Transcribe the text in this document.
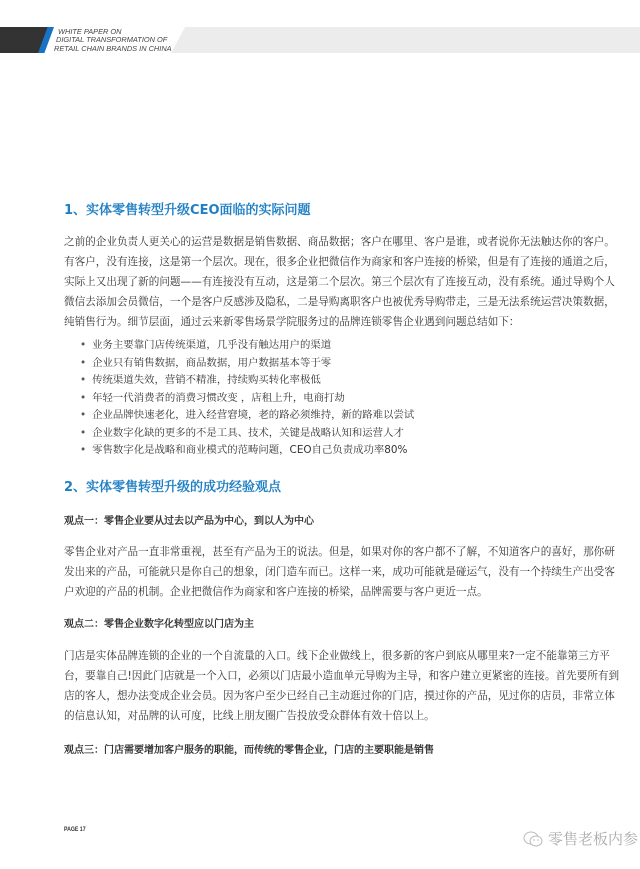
WHITE PAPER ON
DIGITAL TRANSFORMATION OF
RETAIL CHAIN BRANDS IN CHINA
1、实体零售转型升级CEO面临的实际问题
之前的企业负责人更关心的运营是数据是销售数据、商品数据；客户在哪里、客户是谁，或者说你无法触达你的客户。
有客户，没有连接，这是第一个层次。现在，很多企业把微信作为商家和客户连接的桥梁，但是有了连接的通道之后，
实际上又出现了新的问题——有连接没有互动，这是第二个层次。第三个层次有了连接互动，没有系统。通过导购个人
微信去添加会员微信，一个是客户反感涉及隐私，二是导购离职客户也被优秀导购带走，三是无法系统运营决策数据，
纯销售行为。细节层面，通过云来新零售场景学院服务过的品牌连锁零售企业遇到问题总结如下：
• 业务主要靠门店传统渠道，几乎没有触达用户的渠道
• 企业只有销售数据，商品数据，用户数据基本等于零
• 传统渠道失效，营销不精准，持续购买转化率极低
• 年轻一代消费者的消费习惯改变 ，店租上升，电商打劫
• 企业品牌快速老化，进入经营窘境，老的路必须维持，新的路难以尝试
• 企业数字化缺的更多的不是工具、技术，关键是战略认知和运营人才
• 零售数字化是战略和商业模式的范畴问题，CEO自己负责成功率80%
2、实体零售转型升级的成功经验观点
观点一：零售企业要从过去以产品为中心，到以人为中心
零售企业对产品一直非常重视，甚至有产品为王的说法。但是，如果对你的客户都不了解，不知道客户的喜好，那你研
发出来的产品，可能就只是你自己的想象，闭门造车而已。这样一来，成功可能就是碰运气，没有一个持续生产出受客
户欢迎的产品的机制。企业把微信作为商家和客户连接的桥梁，品牌需要与客户更近一点。
观点二：零售企业数字化转型应以门店为主
门店是实体品牌连锁的企业的一个自流量的入口。线下企业做线上，很多新的客户到底从哪里来?一定不能靠第三方平
台，要靠自己!因此门店就是一个入口，必须以门店最小造血单元导购为主导，和客户建立更紧密的连接。首先要所有到
店的客人，想办法变成企业会员。因为客户至少已经自己主动逛过你的门店，摸过你的产品，见过你的店员，非常立体
的信息认知，对品牌的认可度，比线上朋友圈广告投放受众群体有效十倍以上。
观点三：门店需要增加客户服务的职能，而传统的零售企业，门店的主要职能是销售
PAGE 17
零售老板内参
